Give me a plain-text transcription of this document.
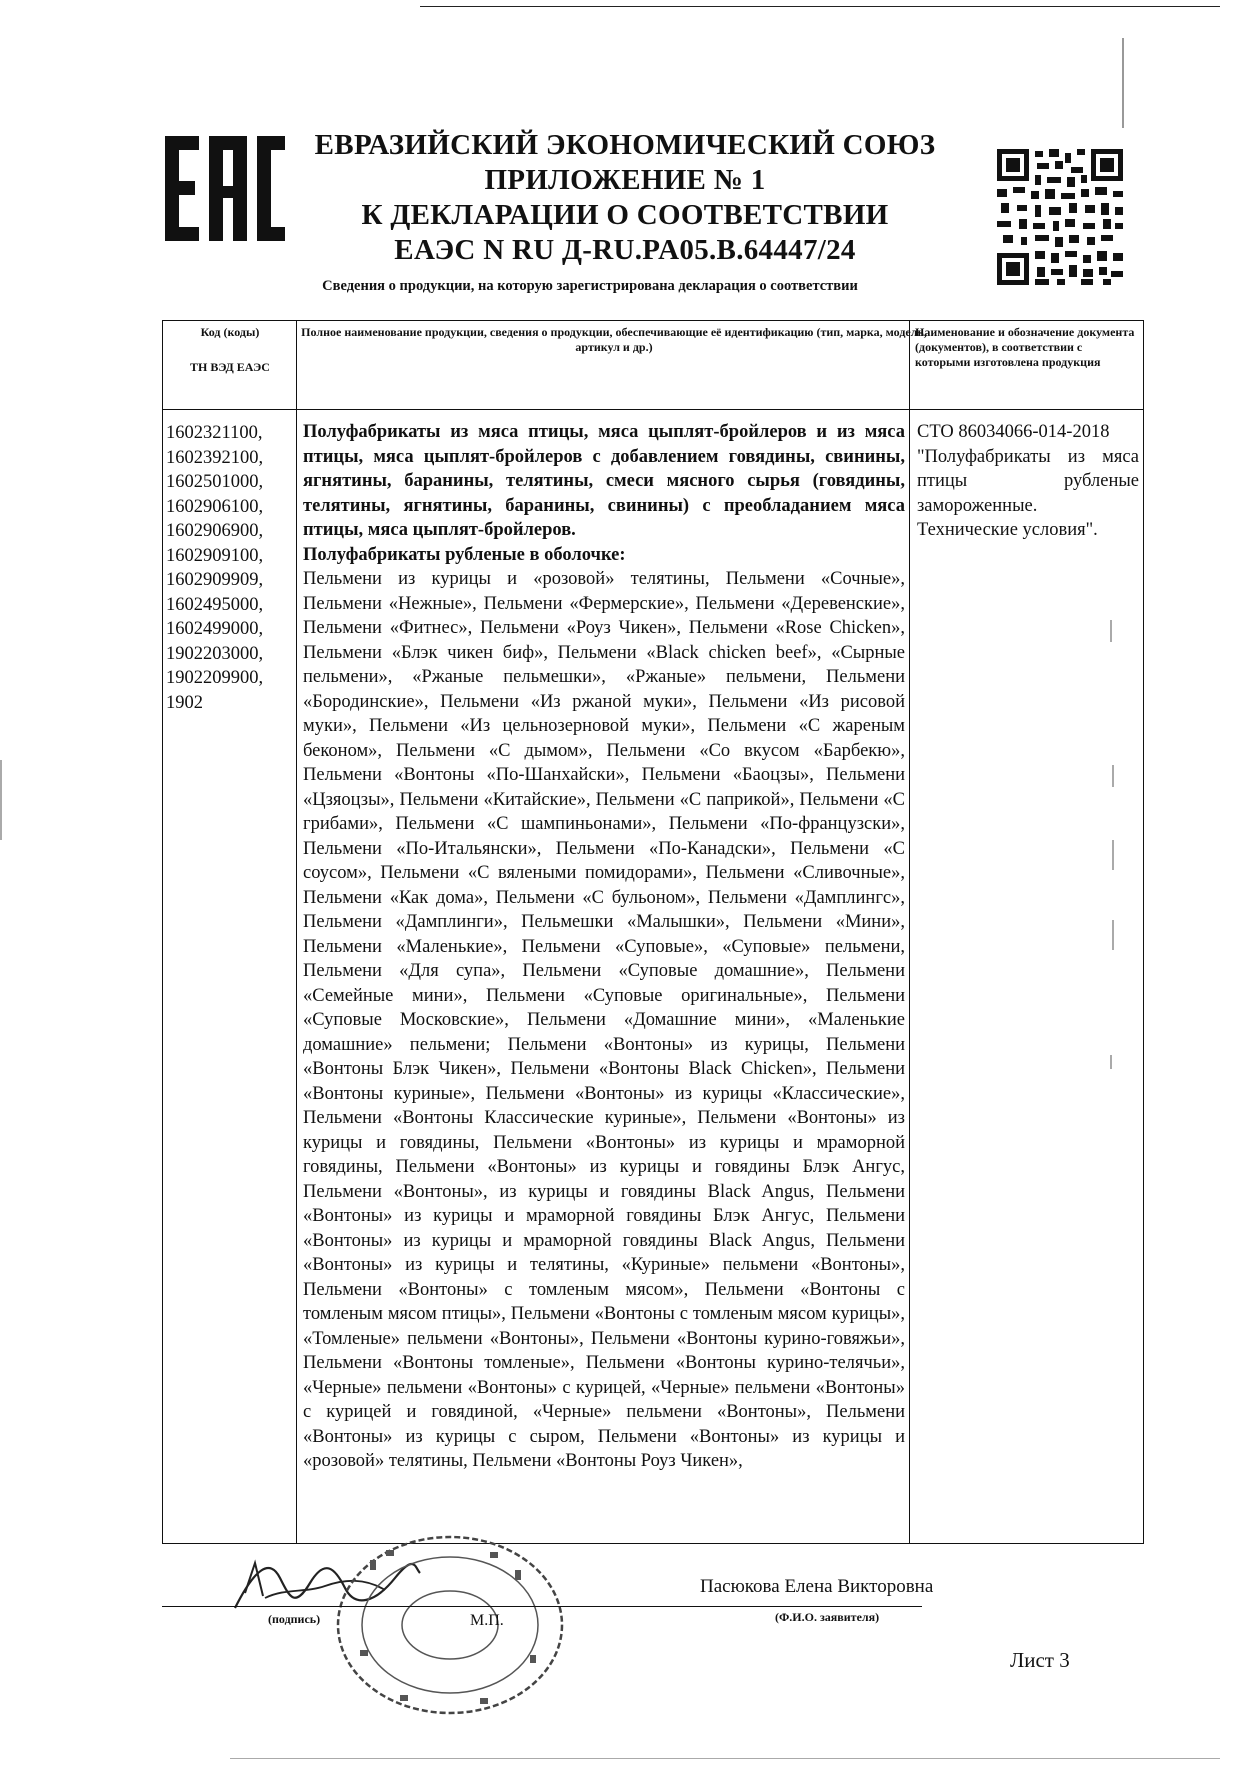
ЕВРАЗИЙСКИЙ ЭКОНОМИЧЕСКИЙ СОЮЗ
ПРИЛОЖЕНИЕ № 1
К ДЕКЛАРАЦИИ О СООТВЕТСТВИИ
ЕАЭС N RU Д-RU.PA05.B.64447/24
Сведения о продукции, на которую зарегистрирована декларация о соответствии
Код (коды)
ТН ВЭД ЕАЭС
Полное наименование продукции, сведения о продукции, обеспечивающие её идентификацию (тип, марка, модель, артикул и др.)
Наименование и обозначение документа (документов), в соответствии с которыми изготовлена продукция
1602321100,
1602392100,
1602501000,
1602906100,
1602906900,
1602909100,
1602909909,
1602495000,
1602499000,
1902203000,
1902209900,
1902

Полуфабрикаты из мяса птицы, мяса цыплят-бройлеров и из мяса птицы, мяса цыплят-бройлеров с добавлением говядины, свинины, ягнятины, баранины, телятины, смеси мясного сырья (говядины, телятины, ягнятины, баранины, свинины) с преобладанием мяса птицы, мяса цыплят-бройлеров.

Полуфабрикаты рубленые в оболочке:

Пельмени из курицы и «розовой» телятины, Пельмени «Сочные», Пельмени «Нежные», Пельмени «Фермерские», Пельмени «Деревенские», Пельмени «Фитнес», Пельмени «Роуз Чикен», Пельмени «Rose Chicken», Пельмени «Блэк чикен биф», Пельмени «Black chicken beef», «Сырные пельмени», «Ржаные пельмешки», «Ржаные» пельмени, Пельмени «Бородинские», Пельмени «Из ржаной муки», Пельмени «Из рисовой муки», Пельмени «Из цельнозерновой муки», Пельмени «С жареным беконом», Пельмени «С дымом», Пельмени «Со вкусом «Барбекю», Пельмени «Вонтоны «По-Шанхайски», Пельмени «Баоцзы», Пельмени «Цзяоцзы», Пельмени «Китайские», Пельмени «С паприкой», Пельмени «С грибами», Пельмени «С шампиньонами», Пельмени «По-французски», Пельмени «По-Итальянски», Пельмени «По-Канадски», Пельмени «С соусом», Пельмени «С вялеными помидорами», Пельмени «Сливочные», Пельмени «Как дома», Пельмени «С бульоном», Пельмени «Дамплингс», Пельмени «Дамплинги», Пельмешки «Малышки», Пельмени «Мини», Пельмени «Маленькие», Пельмени «Суповые», «Суповые» пельмени, Пельмени «Для супа», Пельмени «Суповые домашние», Пельмени «Семейные мини», Пельмени «Суповые оригинальные», Пельмени «Суповые Московские», Пельмени «Домашние мини», «Маленькие домашние» пельмени; Пельмени «Вонтоны» из курицы, Пельмени «Вонтоны Блэк Чикен», Пельмени «Вонтоны Black Chicken», Пельмени «Вонтоны куриные», Пельмени «Вонтоны» из курицы «Классические», Пельмени «Вонтоны Классические куриные», Пельмени «Вонтоны» из курицы и говядины, Пельмени «Вонтоны» из курицы и мраморной говядины, Пельмени «Вонтоны» из курицы и говядины Блэк Ангус, Пельмени «Вонтоны», из курицы и говядины Black Angus, Пельмени «Вонтоны» из курицы и мраморной говядины Блэк Ангус, Пельмени «Вонтоны» из курицы и мраморной говядины Black Angus, Пельмени «Вонтоны» из курицы и телятины, «Куриные» пельмени «Вонтоны», Пельмени «Вонтоны» с томленым мясом», Пельмени «Вонтоны с томленым мясом птицы», Пельмени «Вонтоны с томленым мясом курицы», «Томленые» пельмени «Вонтоны», Пельмени «Вонтоны курино-говяжьи», Пельмени «Вонтоны томленые», Пельмени «Вонтоны курино-телячьи», «Черные» пельмени «Вонтоны» с курицей, «Черные» пельмени «Вонтоны» с курицей и говядиной, «Черные» пельмени «Вонтоны», Пельмени «Вонтоны» из курицы с сыром, Пельмени «Вонтоны» из курицы и «розовой» телятины, Пельмени «Вонтоны Роуз Чикен»,

СТО 86034066-014-2018

"Полуфабрикаты из мяса птицы рубленые замороженные. Технические условия".

Пасюкова Елена Викторовна
(подпись)	М.П.	(Ф.И.О. заявителя)
Лист 3
